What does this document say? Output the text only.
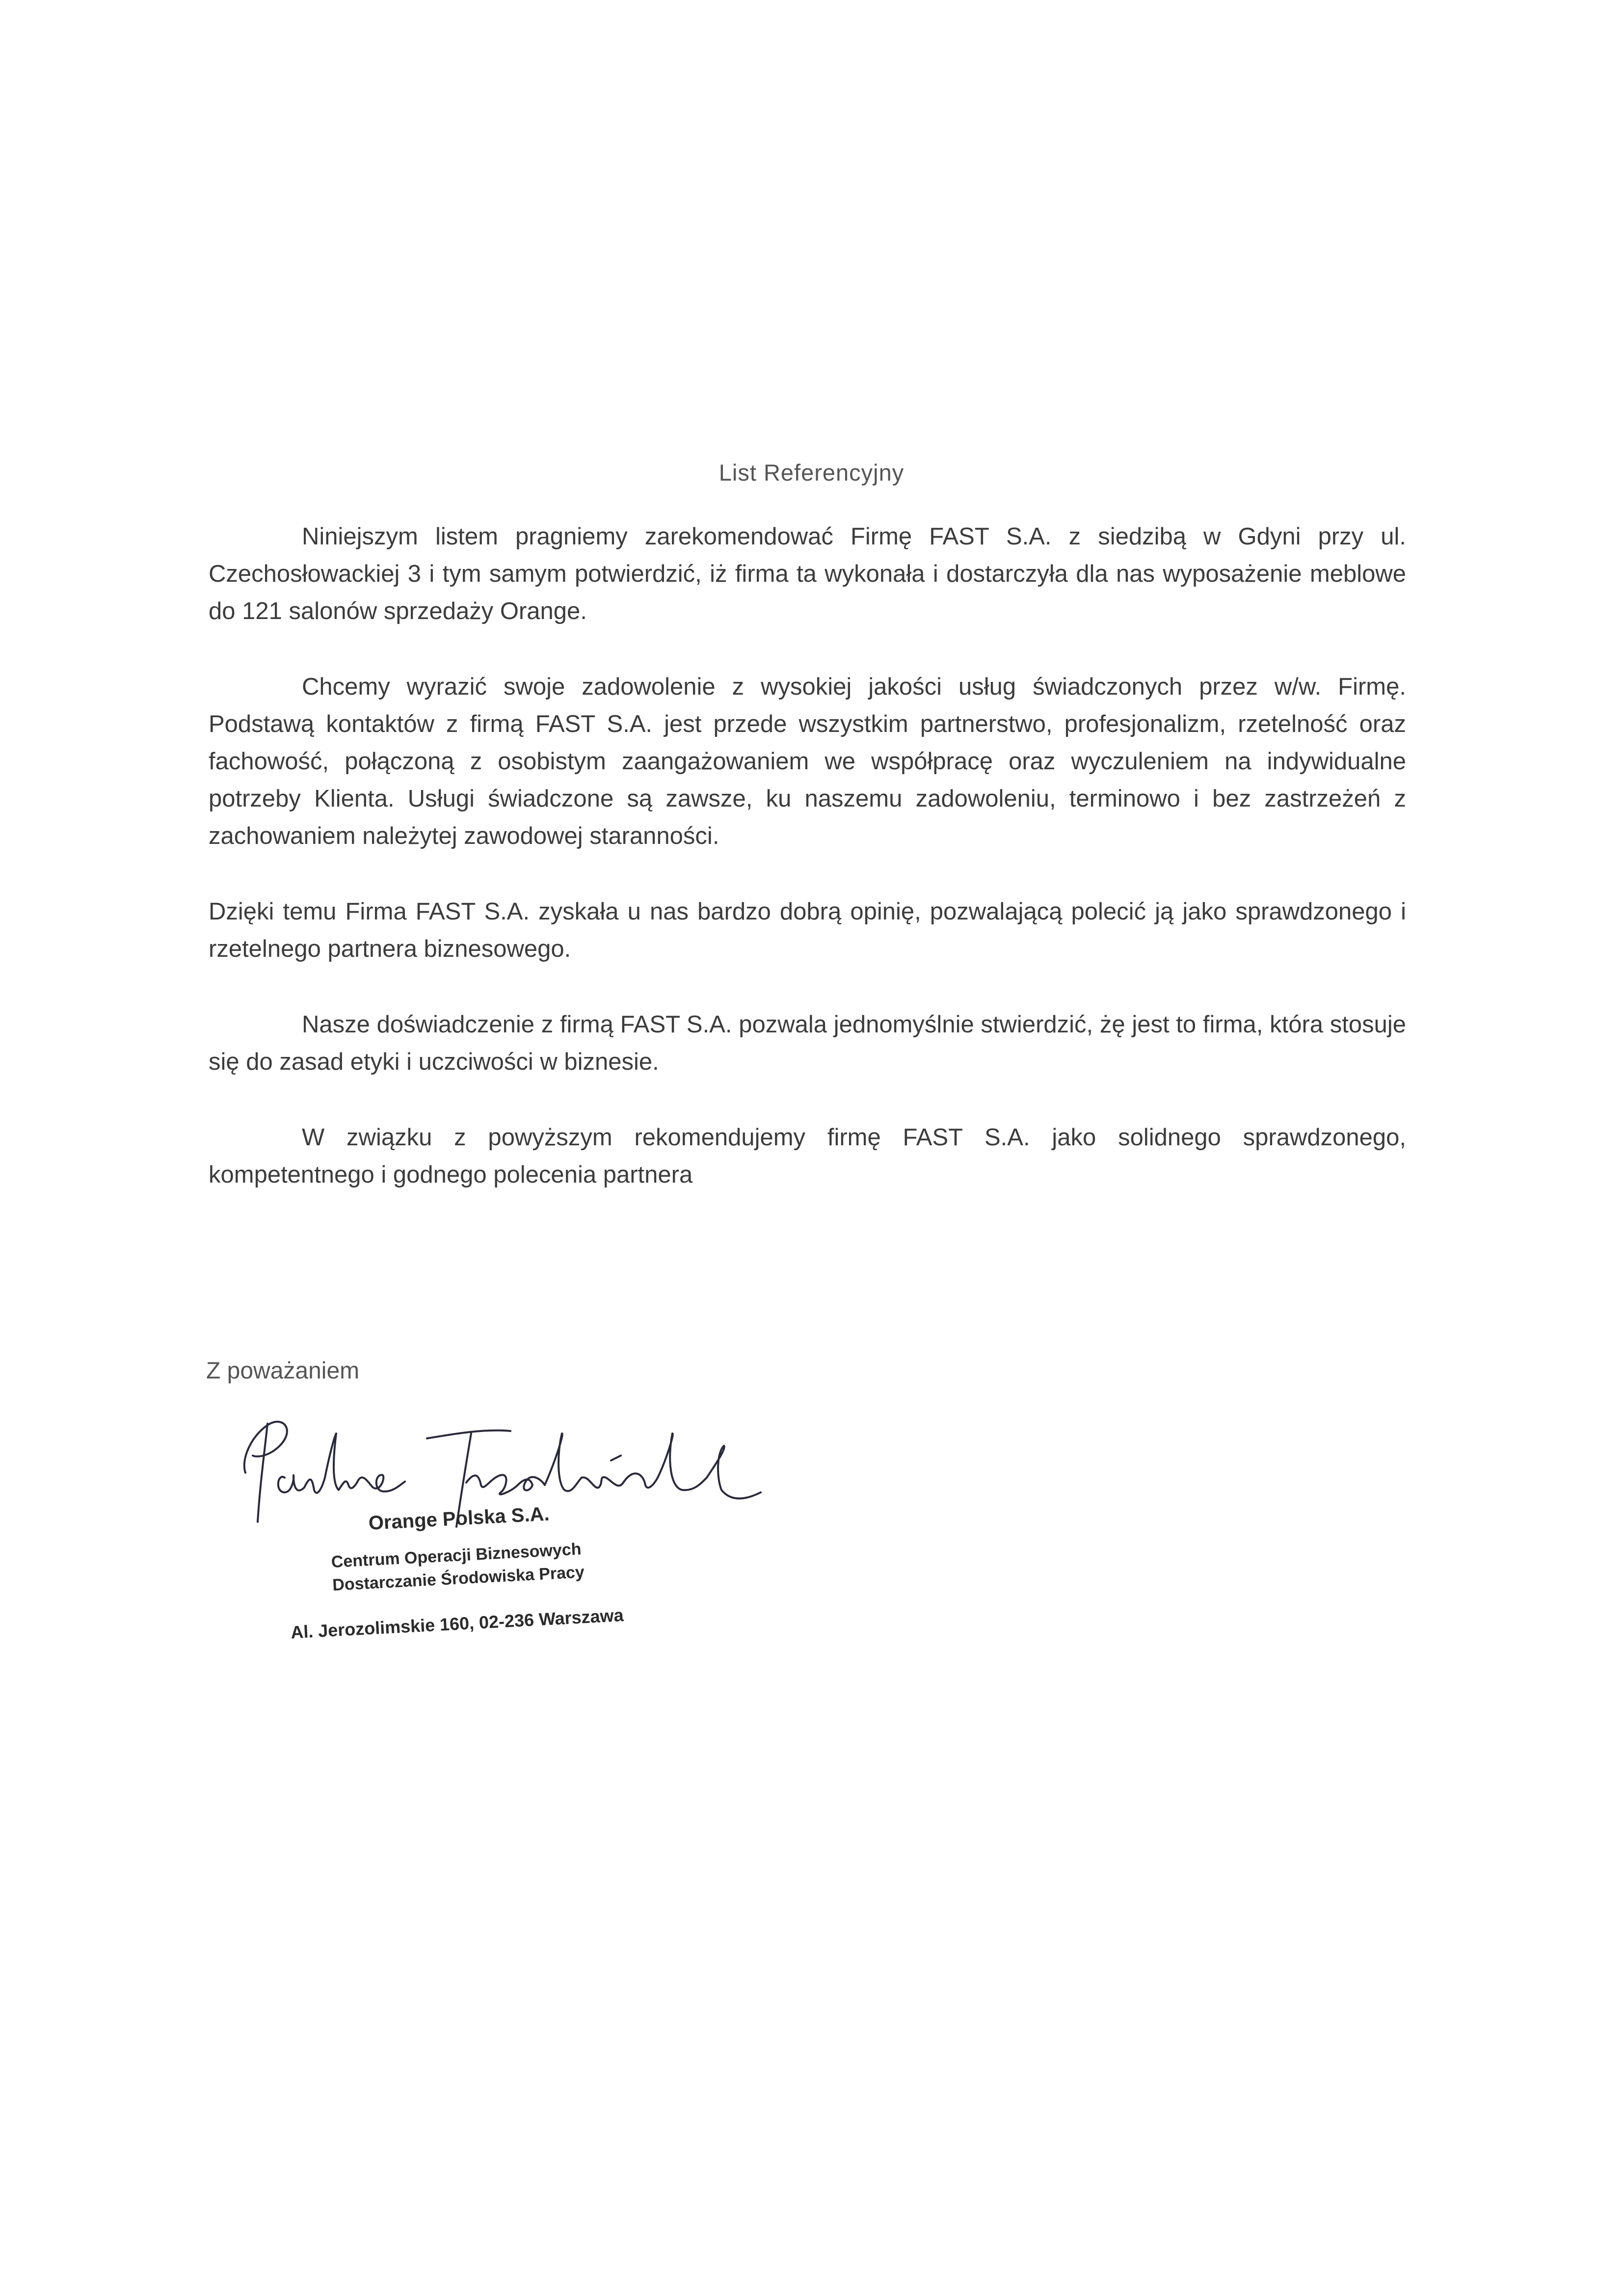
List Referencyjny

Niniejszym listem pragniemy zarekomendować Firmę FAST S.A. z siedzibą w Gdyni przy ul. Czechosłowackiej 3 i tym samym potwierdzić, iż firma ta wykonała i dostarczyła dla nas wyposażenie meblowe do 121 salonów sprzedaży Orange.

Chcemy wyrazić swoje zadowolenie z wysokiej jakości usług świadczonych przez w/w. Firmę. Podstawą kontaktów z firmą FAST S.A. jest przede wszystkim partnerstwo, profesjonalizm, rzetelność oraz fachowość, połączoną z osobistym zaangażowaniem we współpracę oraz wyczuleniem na indywidualne potrzeby Klienta. Usługi świadczone są zawsze, ku naszemu zadowoleniu, terminowo i bez zastrzeżeń z zachowaniem należytej zawodowej staranności.

Dzięki temu Firma FAST S.A. zyskała u nas bardzo dobrą opinię, pozwalającą polecić ją jako sprawdzonego i rzetelnego partnera biznesowego.

Nasze doświadczenie z firmą FAST S.A. pozwala jednomyślnie stwierdzić, żę jest to firma, która stosuje się do zasad etyki i uczciwości w biznesie.

W związku z powyższym rekomendujemy firmę FAST S.A. jako solidnego sprawdzonego, kompetentnego i godnego polecenia partnera

Z poważaniem
Orange Polska S.A.
Centrum Operacji Biznesowych
Dostarczanie Środowiska Pracy
Al. Jerozolimskie 160, 02-236 Warszawa
